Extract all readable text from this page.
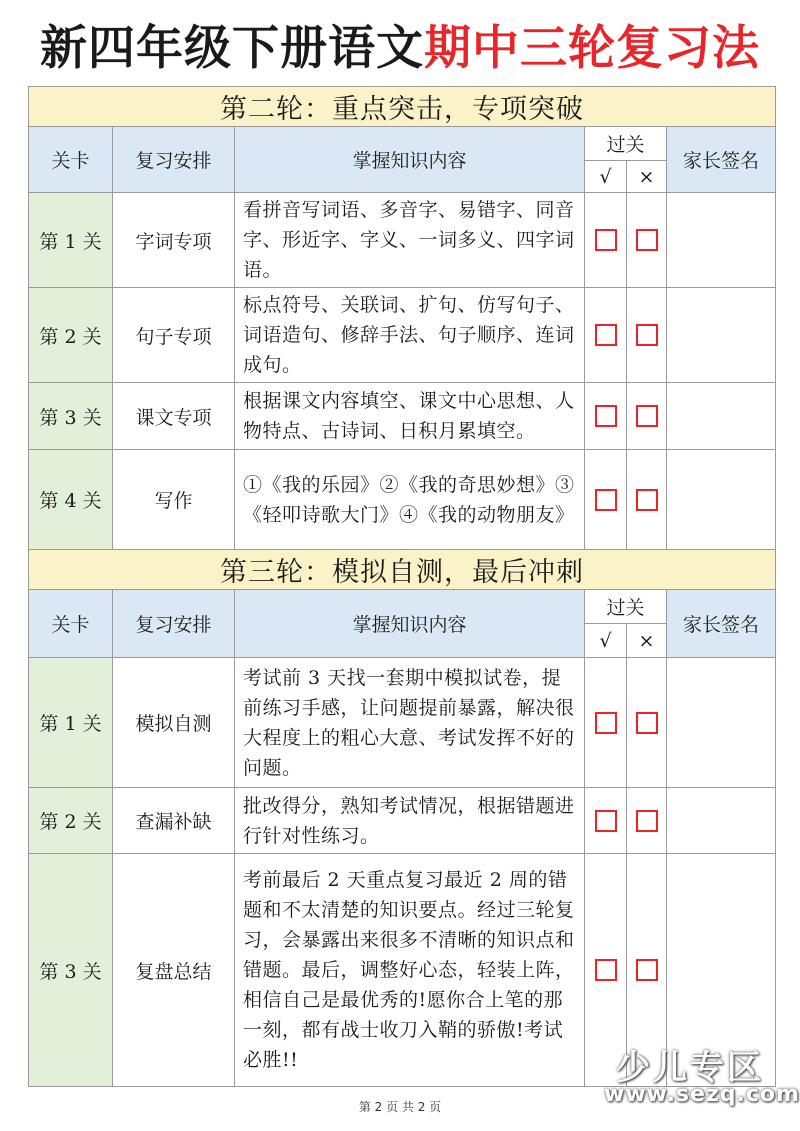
新四年级下册语文期中三轮复习法
第二轮：重点突击，专项突破					
关卡	复习安排	掌握知识内容	过关		家长签名
			√	×	
第 1 关	字词专项	看拼音写词语、多音字、易错字、同音字、形近字、字义、一词多义、四字词语。			
第 2 关	句子专项	标点符号、关联词、扩句、仿写句子、词语造句、修辞手法、句子顺序、连词成句。			
第 3 关	课文专项	根据课文内容填空、课文中心思想、人物特点、古诗词、日积月累填空。			
第 4 关	写作	①《我的乐园》②《我的奇思妙想》③《轻叩诗歌大门》④《我的动物朋友》			
第三轮：模拟自测，最后冲刺					
关卡	复习安排	掌握知识内容	过关		家长签名
			√	×	
第 1 关	模拟自测	考试前 3 天找一套期中模拟试卷，提前练习手感，让问题提前暴露，解决很大程度上的粗心大意、考试发挥不好的问题。			
第 2 关	查漏补缺	批改得分，熟知考试情况，根据错题进行针对性练习。			
第 3 关	复盘总结	考前最后 2 天重点复习最近 2 周的错题和不太清楚的知识要点。经过三轮复习，会暴露出来很多不清晰的知识点和错题。最后，调整好心态，轻装上阵，相信自己是最优秀的!愿你合上笔的那一刻，都有战士收刀入鞘的骄傲!考试必胜!!			
第 2 页 共 2 页
少儿专区
www.sezq.com
